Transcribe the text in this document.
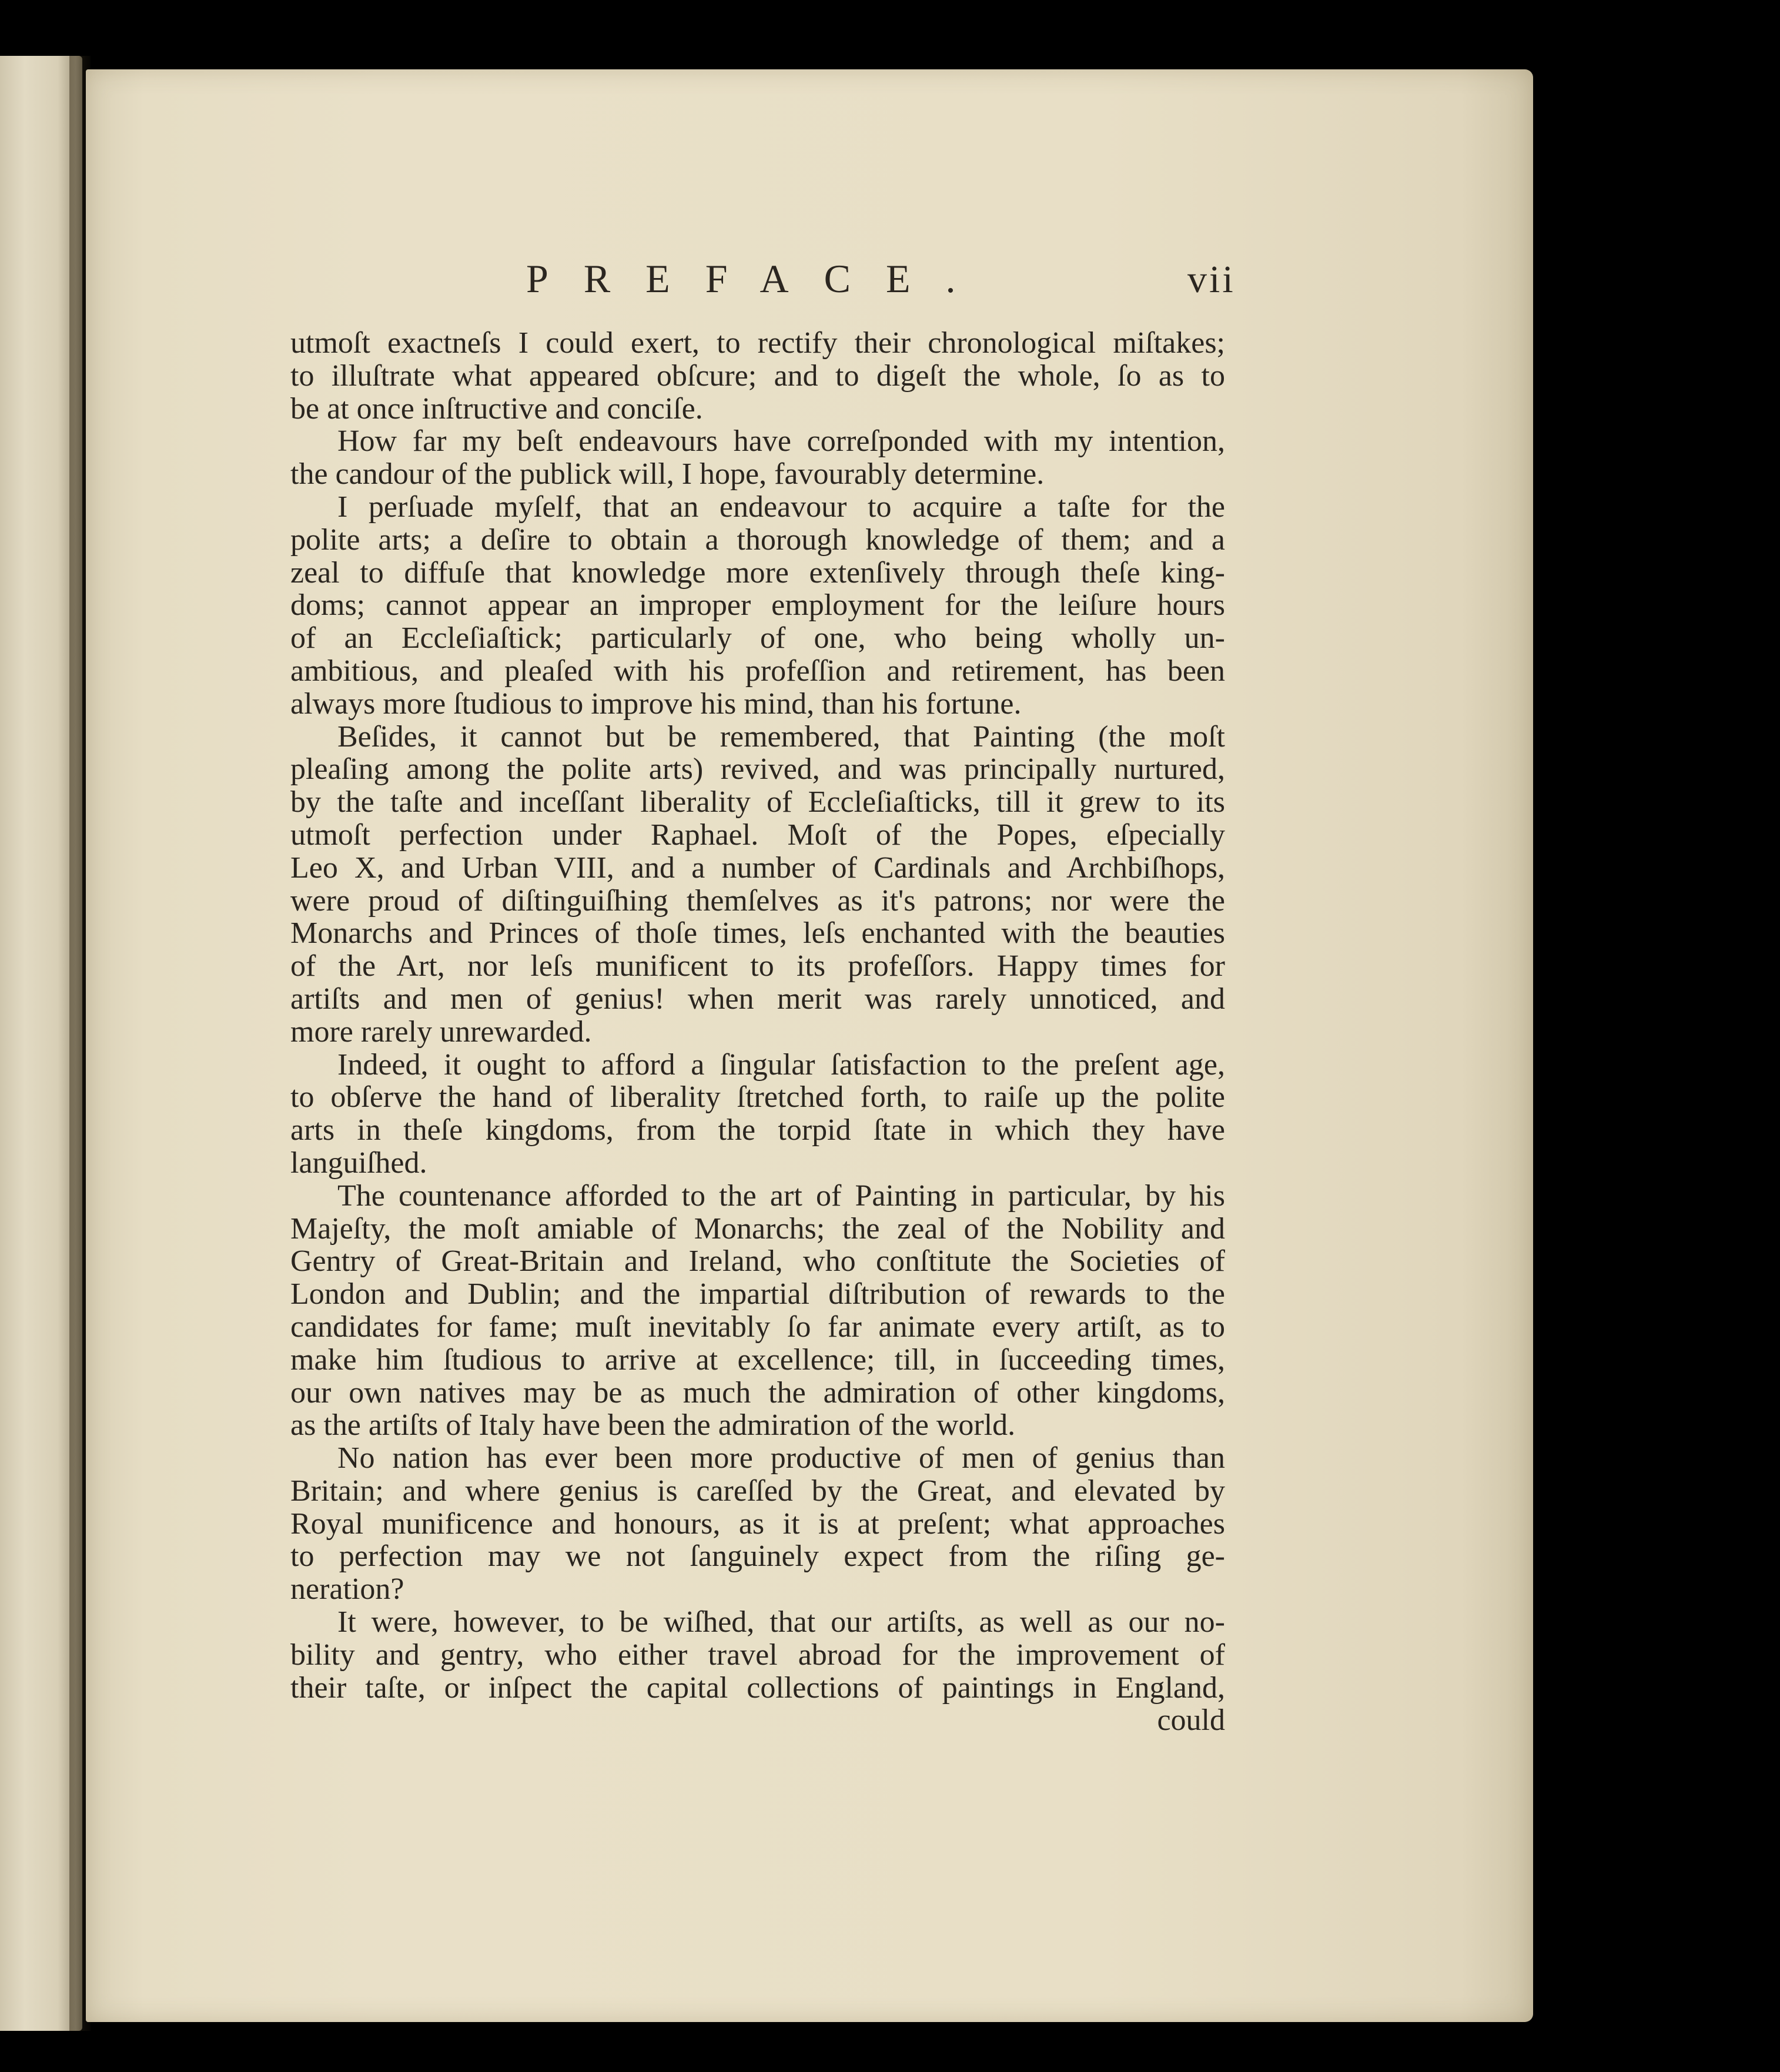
PREFACE.	vii
utmoſt exactneſs I could exert, to rectify their chronological miſtakes;
to illuſtrate what appeared obſcure; and to digeſt the whole, ſo as to
be at once inſtructive and conciſe.
How far my beſt endeavours have correſponded with my intention,
the candour of the publick will, I hope, favourably determine.
I perſuade myſelf, that an endeavour to acquire a taſte for the
polite arts; a deſire to obtain a thorough knowledge of them; and a
zeal to diffuſe that knowledge more extenſively through theſe king-
doms; cannot appear an improper employment for the leiſure hours
of an Eccleſiaſtick; particularly of one, who being wholly un-
ambitious, and pleaſed with his profeſſion and retirement, has been
always more ſtudious to improve his mind, than his fortune.
Beſides, it cannot but be remembered, that Painting (the moſt
pleaſing among the polite arts) revived, and was principally nurtured,
by the taſte and inceſſant liberality of Eccleſiaſticks, till it grew to its
utmoſt perfection under Raphael. Moſt of the Popes, eſpecially
Leo X, and Urban VIII, and a number of Cardinals and Archbiſhops,
were proud of diſtinguiſhing themſelves as it's patrons; nor were the
Monarchs and Princes of thoſe times, leſs enchanted with the beauties
of the Art, nor leſs munificent to its profeſſors. Happy times for
artiſts and men of genius! when merit was rarely unnoticed, and
more rarely unrewarded.
Indeed, it ought to afford a ſingular ſatisfaction to the preſent age,
to obſerve the hand of liberality ſtretched forth, to raiſe up the polite
arts in theſe kingdoms, from the torpid ſtate in which they have
languiſhed.
The countenance afforded to the art of Painting in particular, by his
Majeſty, the moſt amiable of Monarchs; the zeal of the Nobility and
Gentry of Great-Britain and Ireland, who conſtitute the Societies of
London and Dublin; and the impartial diſtribution of rewards to the
candidates for fame; muſt inevitably ſo far animate every artiſt, as to
make him ſtudious to arrive at excellence; till, in ſucceeding times,
our own natives may be as much the admiration of other kingdoms,
as the artiſts of Italy have been the admiration of the world.
No nation has ever been more productive of men of genius than
Britain; and where genius is careſſed by the Great, and elevated by
Royal munificence and honours, as it is at preſent; what approaches
to perfection may we not ſanguinely expect from the riſing ge-
neration?
It were, however, to be wiſhed, that our artiſts, as well as our no-
bility and gentry, who either travel abroad for the improvement of
their taſte, or inſpect the capital collections of paintings in England,
could
